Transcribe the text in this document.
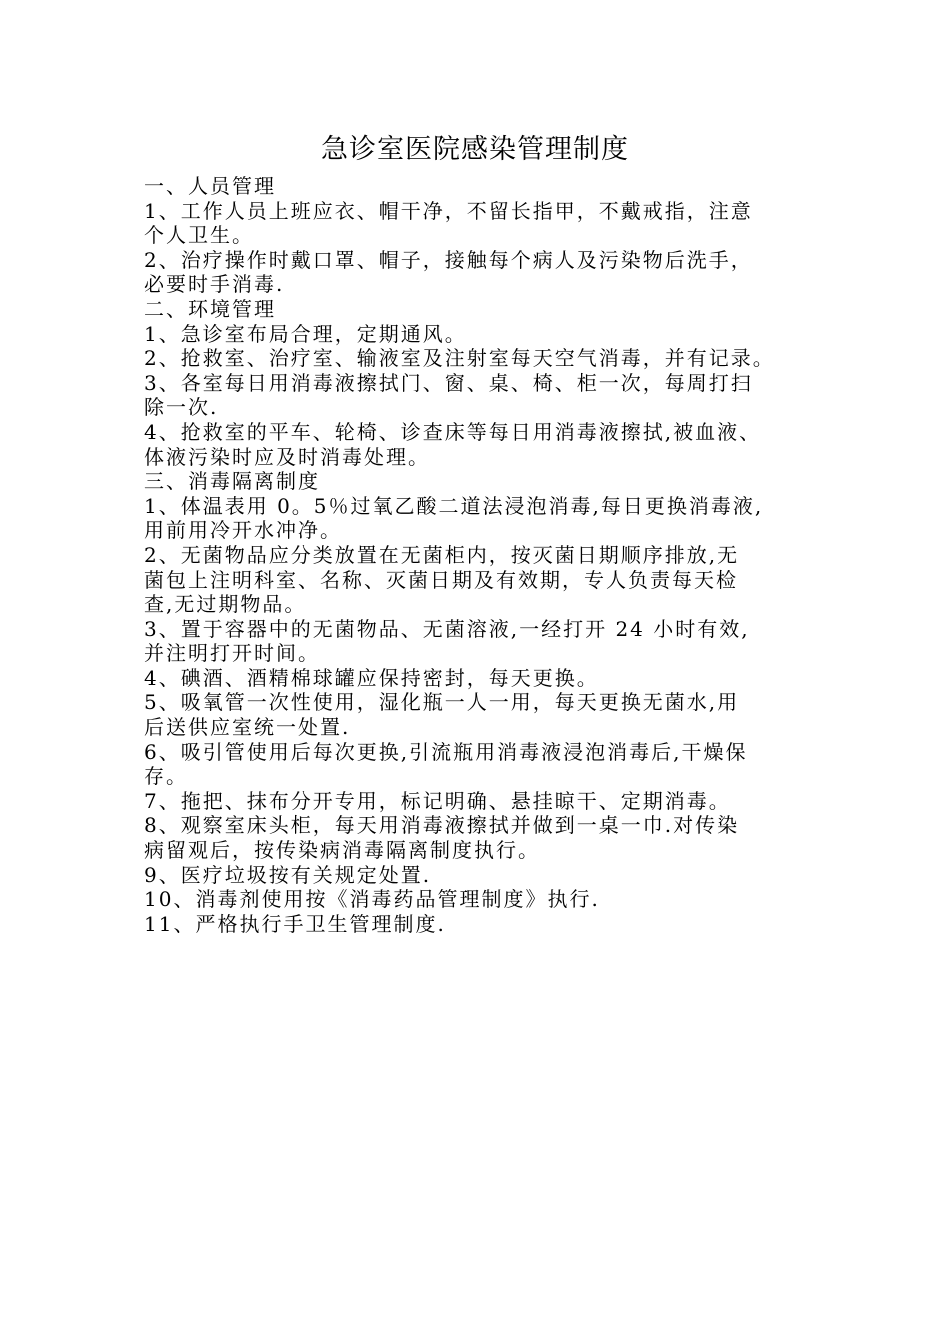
急诊室医院感染管理制度
一、人员管理
1、工作人员上班应衣、帽干净，不留长指甲，不戴戒指，注意
个人卫生。
2、治疗操作时戴口罩、帽子，接触每个病人及污染物后洗手，
必要时手消毒.
二、环境管理
1、急诊室布局合理，定期通风。
2、抢救室、治疗室、输液室及注射室每天空气消毒，并有记录。
3、各室每日用消毒液擦拭门、窗、桌、椅、柜一次，每周打扫
除一次.
4、抢救室的平车、轮椅、诊查床等每日用消毒液擦拭,被血液、
体液污染时应及时消毒处理。
三、消毒隔离制度
1、体温表用 0。5％过氧乙酸二道法浸泡消毒,每日更换消毒液,
用前用冷开水冲净。
2、无菌物品应分类放置在无菌柜内，按灭菌日期顺序排放,无
菌包上注明科室、名称、灭菌日期及有效期，专人负责每天检
查,无过期物品。
3、置于容器中的无菌物品、无菌溶液,一经打开 24 小时有效,
并注明打开时间。
4、碘酒、酒精棉球罐应保持密封，每天更换。
5、吸氧管一次性使用，湿化瓶一人一用，每天更换无菌水,用
后送供应室统一处置.
6、吸引管使用后每次更换,引流瓶用消毒液浸泡消毒后,干燥保
存。
7、拖把、抹布分开专用，标记明确、悬挂晾干、定期消毒。
8、观察室床头柜，每天用消毒液擦拭并做到一桌一巾.对传染
病留观后，按传染病消毒隔离制度执行。
9、医疗垃圾按有关规定处置.
10、消毒剂使用按《消毒药品管理制度》执行.
11、严格执行手卫生管理制度.
